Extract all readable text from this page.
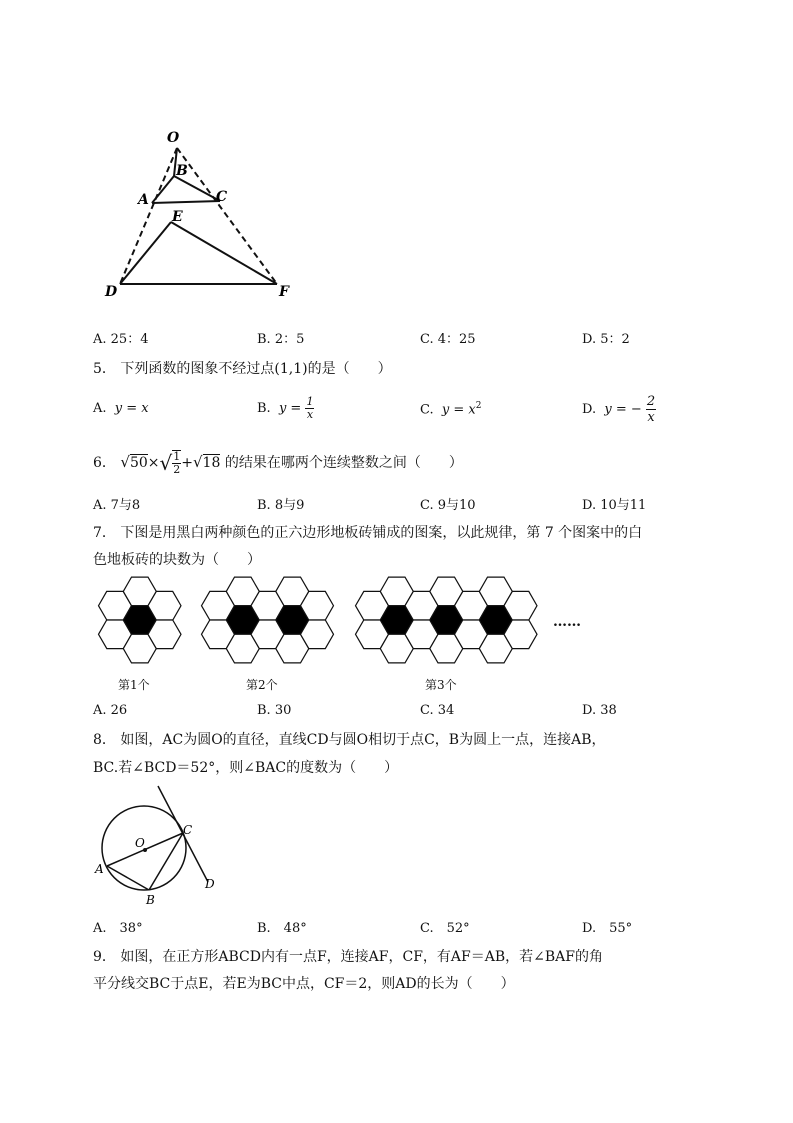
O
B
A	C
E
D	F
A. 25：4	B. 2：5	C. 4：25	D. 5：2
5． 下列函数的图象不经过点(1,1)的是（　　）
A. y = x	B. $y = \frac{1}{x}$	C. $y = x^2$	D. y = − $\frac{2}{x}$
6． $√50\times√ \frac{1}{2} +√18$ 的结果在哪两个连续整数之间（　　）
A. 7与8	B. 8与9	C. 9与10	D. 10与11
7． 下图是用黑白两种颜色的正六边形地板砖铺成的图案，以此规律，第 7 个图案中的白
色地板砖的块数为（　　）
……
第1个	第2个	第3个
A. 26	B. 30	C. 34	D. 38
8． 如图，AC为圆O的直径，直线CD与圆O相切于点C，B为圆上一点，连接AB，
BC.若∠BCD＝52°，则∠BAC的度数为（　　）
O
C
A
B
D
A.　38°	B.　48°	C.　52°	D.　55°
9． 如图，在正方形ABCD内有一点F，连接AF，CF，有AF＝AB，若∠BAF的角
平分线交BC于点E，若E为BC中点，CF＝2，则AD的长为（　　）
